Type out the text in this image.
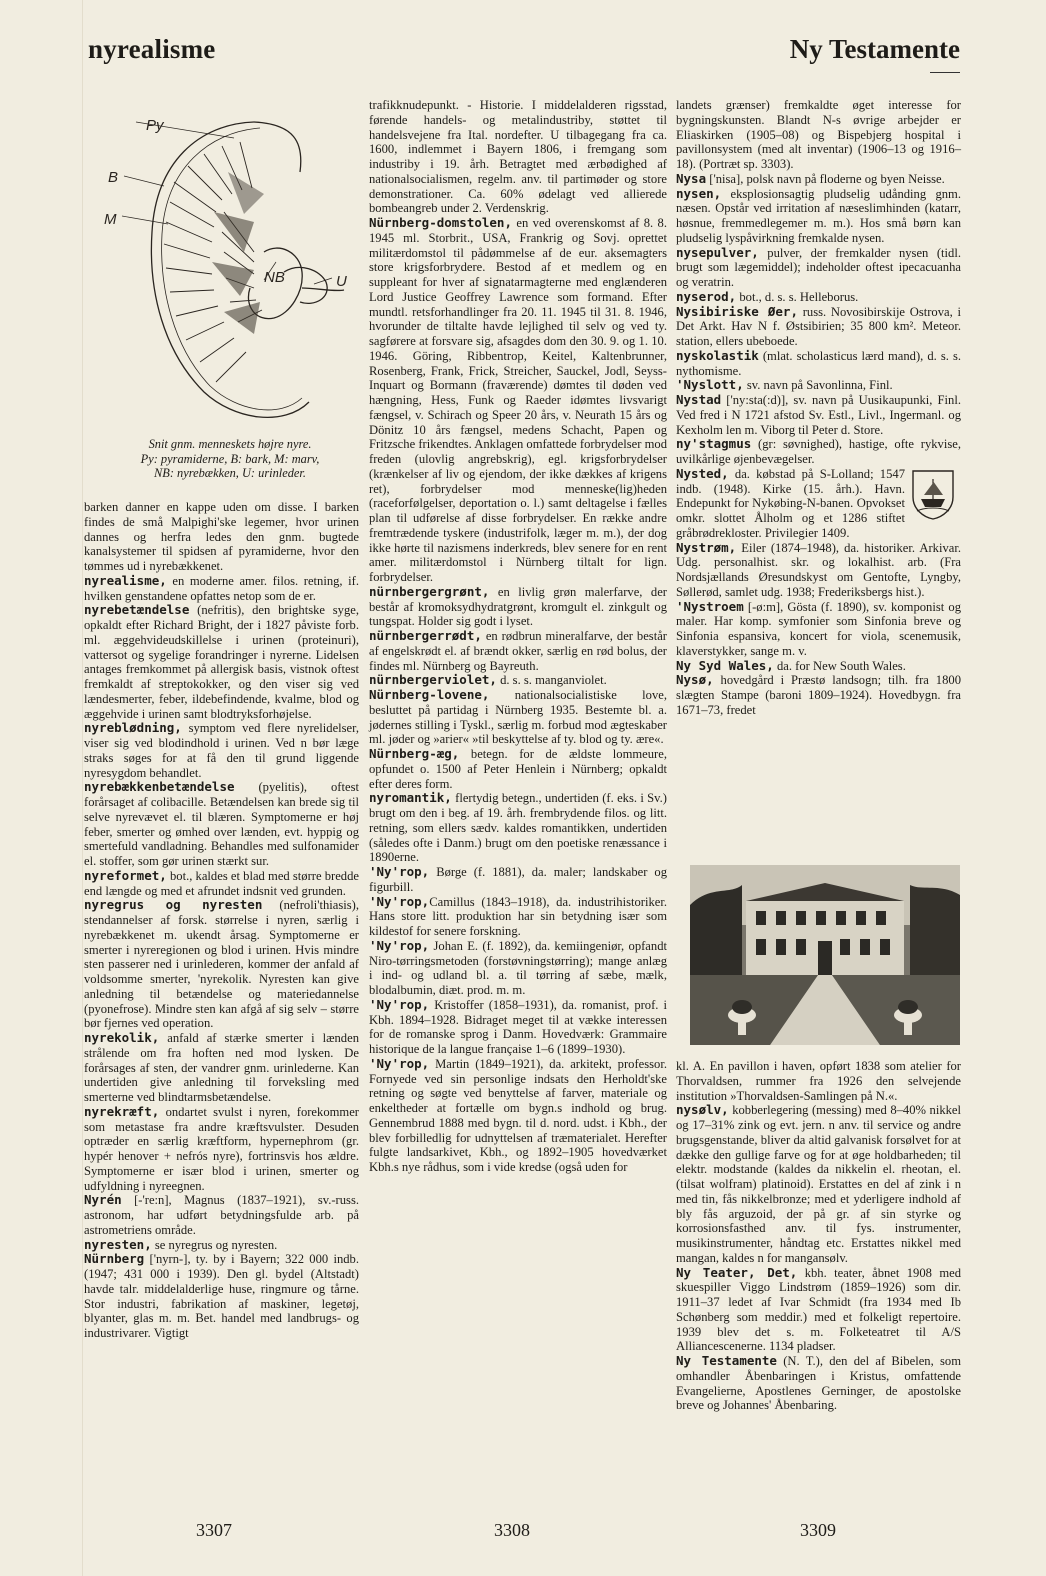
nyrealisme	Ny Testamente
Py
B
M
NB	U
Snit gnm. menneskets højre nyre.
Py: pyramiderne, B: bark, M: marv,
NB: nyrebækken, U: urinleder.

barken danner en kappe uden om disse. I barken findes de små Malpighi'ske legemer, hvor urinen dannes og herfra ledes den gnm. bugtede kanalsystemer til spidsen af pyramiderne, hvor den tømmes ud i nyrebækkenet.

nyrealisme, en moderne amer. filos. retning, if. hvilken genstandene opfattes netop som de er.

nyrebetændelse (nefritis), den brightske syge, opkaldt efter Richard Bright, der i 1827 påviste forb. ml. æggehvideudskillelse i urinen (proteinuri), vattersot og sygelige forandringer i nyrerne. Lidelsen antages fremkommet på allergisk basis, vistnok oftest fremkaldt af streptokokker, og den viser sig ved lændesmerter, feber, ildebefindende, kvalme, blod og æggehvide i urinen samt blodtryksforhøjelse.

nyreblødning, symptom ved flere nyrelidelser, viser sig ved blodindhold i urinen. Ved n bør læge straks søges for at få den til grund liggende nyresygdom behandlet.

nyrebækkenbetændelse (pyelitis), oftest forårsaget af colibacille. Betændelsen kan brede sig til selve nyrevævet el. til blæren. Symptomerne er høj feber, smerter og ømhed over lænden, evt. hyppig og smertefuld vandladning. Behandles med sulfonamider el. stoffer, som gør urinen stærkt sur.

nyreformet, bot., kaldes et blad med større bredde end længde og med et afrundet indsnit ved grunden.

nyregrus og nyresten (nefroli'thiasis), stendannelser af forsk. størrelse i nyren, særlig i nyrebækkenet m. ukendt årsag. Symptomerne er smerter i nyreregionen og blod i urinen. Hvis mindre sten passerer ned i urinlederen, kommer der anfald af voldsomme smerter, 'nyrekolik. Nyresten kan give anledning til betændelse og materiedannelse (pyonefrose). Mindre sten kan afgå af sig selv – større bør fjernes ved operation.

nyrekolik, anfald af stærke smerter i lænden strålende om fra hoften ned mod lysken. De forårsages af sten, der vandrer gnm. urinlederne. Kan undertiden give anledning til forveksling med smerterne ved blindtarmsbetændelse.

nyrekræft, ondartet svulst i nyren, forekommer som metastase fra andre kræftsvulster. Desuden optræder en særlig kræftform, hypernephrom (gr. hypér henover + nefrós nyre), fortrinsvis hos ældre. Symptomerne er især blod i urinen, smerter og udfyldning i nyreegnen.

Nyrén [-'re:n], Magnus (1837–1921), sv.-russ. astronom, har udført betydningsfulde arb. på astrometriens område.

nyresten, se nyregrus og nyresten.

Nürnberg ['nyrn-], ty. by i Bayern; 322 000 indb. (1947; 431 000 i 1939). Den gl. bydel (Altstadt) havde talr. middelalderlige huse, ringmure og tårne. Stor industri, fabrikation af maskiner, legetøj, blyanter, glas m. m. Bet. handel med landbrugs- og industrivarer. Vigtigt

trafikknudepunkt. - Historie. I middelalderen rigsstad, førende handels- og metalindustriby, støttet til handelsvejene fra Ital. nordefter. U tilbagegang fra ca. 1600, indlemmet i Bayern 1806, i fremgang som industriby i 19. årh. Betragtet med ærbødighed af nationalsocialismen, regelm. anv. til partimøder og store demonstrationer. Ca. 60% ødelagt ved allierede bombeangreb under 2. Verdenskrig.

Nürnberg-domstolen, en ved overenskomst af 8. 8. 1945 ml. Storbrit., USA, Frankrig og Sovj. oprettet militærdomstol til pådømmelse af de eur. aksemagters store krigsforbrydere. Bestod af et medlem og en suppleant for hver af signatarmagterne med englænderen Lord Justice Geoffrey Lawrence som formand. Efter mundtl. retsforhandlinger fra 20. 11. 1945 til 31. 8. 1946, hvorunder de tiltalte havde lejlighed til selv og ved ty. sagførere at forsvare sig, afsagdes dom den 30. 9. og 1. 10. 1946. Göring, Ribbentrop, Keitel, Kaltenbrunner, Rosenberg, Frank, Frick, Streicher, Sauckel, Jodl, Seyss-Inquart og Bormann (fraværende) dømtes til døden ved hængning, Hess, Funk og Raeder idømtes livsvarigt fængsel, v. Schirach og Speer 20 års, v. Neurath 15 års og Dönitz 10 års fængsel, medens Schacht, Papen og Fritzsche frikendtes. Anklagen omfattede forbrydelser mod freden (ulovlig angrebskrig), egl. krigsforbrydelser (krænkelser af liv og ejendom, der ikke dækkes af krigens ret), forbrydelser mod menneske(lig)heden (raceforfølgelser, deportation o. l.) samt deltagelse i fælles plan til udførelse af disse forbrydelser. En række andre fremtrædende tyskere (industrifolk, læger m. m.), der dog ikke hørte til nazismens inderkreds, blev senere for en rent amer. militærdomstol i Nürnberg tiltalt for lign. forbrydelser.

nürnbergergrønt, en livlig grøn malerfarve, der består af kromoksydhydratgrønt, kromgult el. zinkgult og tungspat. Holder sig godt i lyset.

nürnbergerrødt, en rødbrun mineralfarve, der består af engelskrødt el. af brændt okker, særlig en rød bolus, der findes ml. Nürnberg og Bayreuth.

nürnbergerviolet, d. s. s. manganviolet.

Nürnberg-lovene, nationalsocialistiske love, besluttet på partidag i Nürnberg 1935. Bestemte bl. a. jødernes stilling i Tyskl., særlig m. forbud mod ægteskaber ml. jøder og »arier« »til beskyttelse af ty. blod og ty. ære«.

Nürnberg-æg, betegn. for de ældste lommeure, opfundet o. 1500 af Peter Henlein i Nürnberg; opkaldt efter deres form.

nyromantik, flertydig betegn., undertiden (f. eks. i Sv.) brugt om den i beg. af 19. årh. frembrydende filos. og litt. retning, som ellers sædv. kaldes romantikken, undertiden (således ofte i Danm.) brugt om den poetiske renæssance i 1890erne.

'Ny'rop, Børge (f. 1881), da. maler; landskaber og figurbill.

'Ny'rop,Camillus (1843–1918), da. industrihistoriker. Hans store litt. produktion har sin betydning især som kildestof for senere forskning.

'Ny'rop, Johan E. (f. 1892), da. kemiingeniør, opfandt Niro-tørringsmetoden (forstøvningstørring); mange anlæg i ind- og udland bl. a. til tørring af sæbe, mælk, blodalbumin, diæt. prod. m. m.

'Ny'rop, Kristoffer (1858–1931), da. romanist, prof. i Kbh. 1894–1928. Bidraget meget til at vække interessen for de romanske sprog i Danm. Hovedværk: Grammaire historique de la langue française 1–6 (1899–1930).

'Ny'rop, Martin (1849–1921), da. arkitekt, professor. Fornyede ved sin personlige indsats den Herholdt'ske retning og søgte ved benyttelse af farver, materiale og enkeltheder at fortælle om bygn.s indhold og brug. Gennembrud 1888 med bygn. til d. nord. udst. i Kbh., der blev forbilledlig for udnyttelsen af træmaterialet. Herefter fulgte landsarkivet, Kbh., og 1892–1905 hovedværket Kbh.s nye rådhus, som i vide kredse (også uden for

landets grænser) fremkaldte øget interesse for bygningskunsten. Blandt N-s øvrige arbejder er Eliaskirken (1905–08) og Bispebjerg hospital i pavillonsystem (med alt inventar) (1906–13 og 1916–18). (Portræt sp. 3303).

Nysa ['nisa], polsk navn på floderne og byen Neisse.

nysen, eksplosionsagtig pludselig udånding gnm. næsen. Opstår ved irritation af næseslimhinden (katarr, høsnue, fremmedlegemer m. m.). Hos små børn kan pludselig lyspåvirkning fremkalde nysen.

nysepulver, pulver, der fremkalder nysen (tidl. brugt som lægemiddel); indeholder oftest ipecacuanha og veratrin.

nyserod, bot., d. s. s. Helleborus.

Nysibiriske Øer, russ. Novosibirskije Ostrova, i Det Arkt. Hav N f. Østsibirien; 35 800 km². Meteor. station, ellers ubeboede.

nyskolastik (mlat. scholasticus lærd mand), d. s. s. nythomisme.

'Nyslott, sv. navn på Savonlinna, Finl.

Nystad ['ny:sta(:d)], sv. navn på Uusikaupunki, Finl. Ved fred i N 1721 afstod Sv. Estl., Livl., Ingermanl. og Kexholm len m. Viborg til Peter d. Store.

ny'stagmus (gr: søvnighed), hastige, ofte rykvise, uvilkårlige øjenbevægelser.

Nysted, da. købstad på S-Lolland; 1547 indb. (1948). Kirke (15. årh.). Havn. Endepunkt for Nykøbing-N-banen. Opvokset omkr. slottet Ålholm og et 1286 stiftet gråbrødrekloster. Privilegier 1409.

Nystrøm, Eiler (1874–1948), da. historiker. Arkivar. Udg. personalhist. skr. og lokalhist. arb. (Fra Nordsjællands Øresundskyst om Gentofte, Lyngby, Søllerød, samlet udg. 1938; Frederiksbergs hist.).

'Nystroem [-ø:m], Gösta (f. 1890), sv. komponist og maler. Har komp. symfonier som Sinfonia breve og Sinfonia espansiva, koncert for viola, scenemusik, klaverstykker, sange m. v.

Ny Syd Wales, da. for New South Wales.

Nysø, hovedgård i Præstø landsogn; tilh. fra 1800 slægten Stampe (baroni 1809–1924). Hovedbygn. fra 1671–73, fredet

kl. A. En pavillon i haven, opført 1838 som atelier for Thorvaldsen, rummer fra 1926 den selvejende institution »Thorvaldsen-Samlingen på N.«.

nysølv, kobberlegering (messing) med 8–40% nikkel og 17–31% zink og evt. jern. n anv. til service og andre brugsgenstande, bliver da altid galvanisk forsølvet for at dække den gullige farve og for at øge holdbarheden; til elektr. modstande (kaldes da nikkelin el. rheotan, el. (tilsat wolfram) platinoid). Erstattes en del af zink i n med tin, fås nikkelbronze; med et yderligere indhold af bly fås arguzoid, der på gr. af sin styrke og korrosionsfasthed anv. til fys. instrumenter, musikinstrumenter, håndtag etc. Erstattes nikkel med mangan, kaldes n for mangansølv.

Ny Teater, Det, kbh. teater, åbnet 1908 med skuespiller Viggo Lindstrøm (1859–1926) som dir. 1911–37 ledet af Ivar Schmidt (fra 1934 med Ib Schønberg som meddir.) med et folkeligt repertoire. 1939 blev det s. m. Folketeatret til A/S Alliancescenerne. 1134 pladser.

Ny Testamente (N. T.), den del af Bibelen, som omhandler Åbenbaringen i Kristus, omfattende Evangelierne, Apostlenes Gerninger, de apostolske breve og Johannes' Åbenbaring.

3307	3308	3309
